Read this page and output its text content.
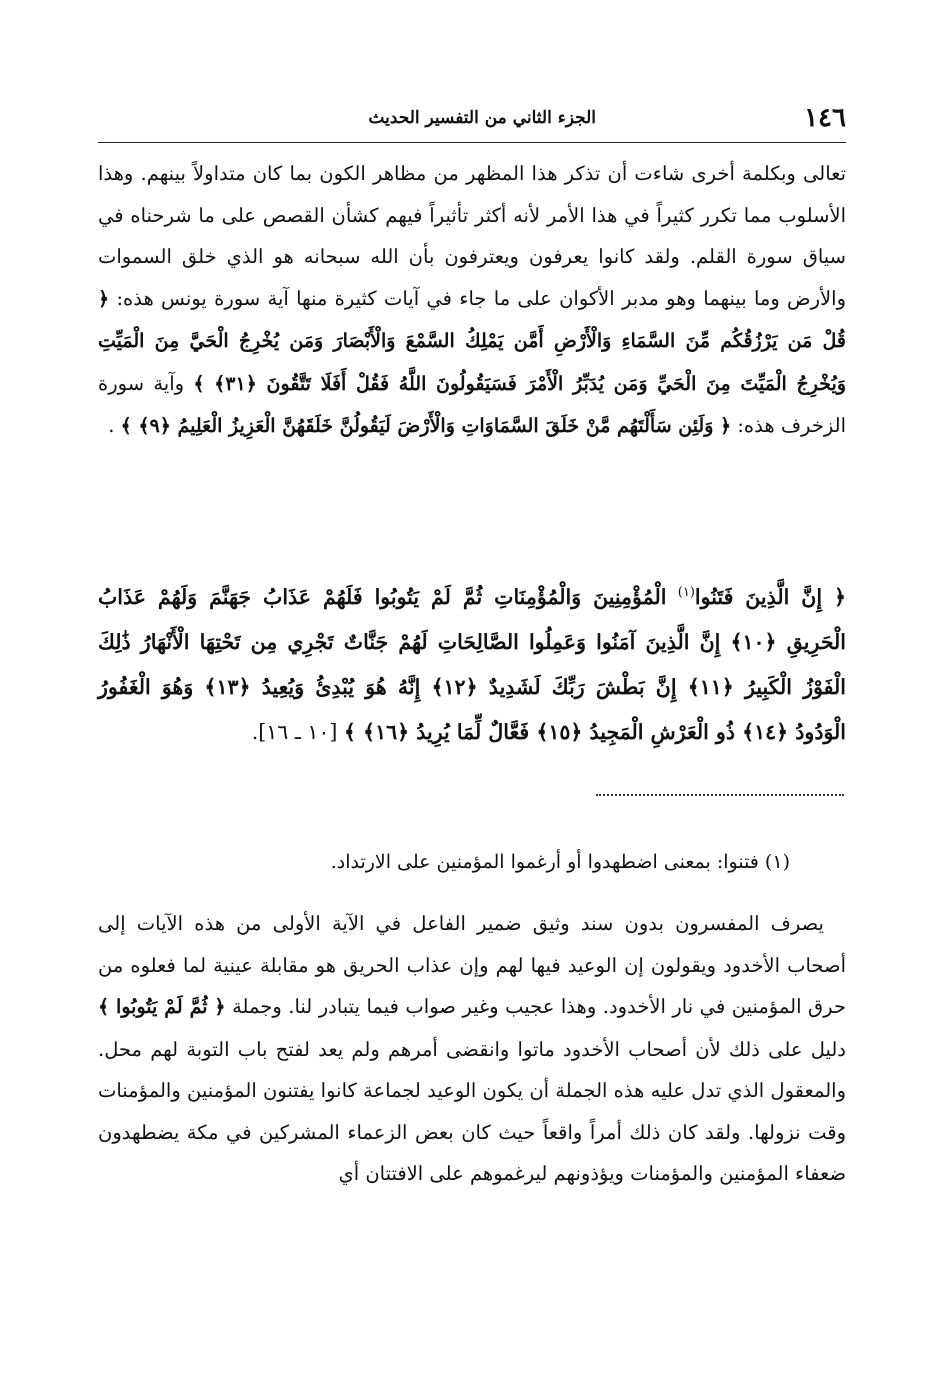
١٤٦
الجزء الثاني من التفسير الحديث

تعالى وبكلمة أخرى شاءت أن تذكر هذا المظهر من مظاهر الكون بما كان متداولاً بينهم. وهذا الأسلوب مما تكرر كثيراً في هذا الأمر لأنه أكثر تأثيراً فيهم كشأن القصص على ما شرحناه في سياق سورة القلم. ولقد كانوا يعرفون ويعترفون بأن الله سبحانه هو الذي خلق السموات والأرض وما بينهما وهو مدبر الأكوان على ما جاء في آيات كثيرة منها آية سورة يونس هذه: ﴿ قُلْ مَن يَرْزُقُكُم مِّنَ السَّمَاءِ وَالْأَرْضِ أَمَّن يَمْلِكُ السَّمْعَ وَالْأَبْصَارَ وَمَن يُخْرِجُ الْحَيَّ مِنَ الْمَيِّتِ وَيُخْرِجُ الْمَيِّتَ مِنَ الْحَيِّ وَمَن يُدَبِّرُ الْأَمْرَ فَسَيَقُولُونَ اللَّهُ فَقُلْ أَفَلَا تَتَّقُونَ ﴿٣١﴾ ﴾ وآية سورة الزخرف هذه: ﴿ وَلَئِن سَأَلْتَهُم مَّنْ خَلَقَ السَّمَاوَاتِ وَالْأَرْضَ لَيَقُولُنَّ خَلَقَهُنَّ الْعَزِيزُ الْعَلِيمُ ﴿٩﴾ ﴾ .

﴿ إِنَّ الَّذِينَ فَتَنُوا$^{(١)}$ الْمُؤْمِنِينَ وَالْمُؤْمِنَاتِ ثُمَّ لَمْ يَتُوبُوا فَلَهُمْ عَذَابُ جَهَنَّمَ وَلَهُمْ عَذَابُ الْحَرِيقِ ﴿١٠﴾ إِنَّ الَّذِينَ آمَنُوا وَعَمِلُوا الصَّالِحَاتِ لَهُمْ جَنَّاتٌ تَجْرِي مِن تَحْتِهَا الْأَنْهَارُ ذَٰلِكَ الْفَوْزُ الْكَبِيرُ ﴿١١﴾ إِنَّ بَطْشَ رَبِّكَ لَشَدِيدٌ ﴿١٢﴾ إِنَّهُ هُوَ يُبْدِئُ وَيُعِيدُ ﴿١٣﴾ وَهُوَ الْغَفُورُ الْوَدُودُ ﴿١٤﴾ ذُو الْعَرْشِ الْمَجِيدُ ﴿١٥﴾ فَعَّالٌ لِّمَا يُرِيدُ ﴿١٦﴾ ﴾ [١٠ ـ ١٦].

(١) فتنوا: بمعنى اضطهدوا أو أرغموا المؤمنين على الارتداد.

يصرف المفسرون بدون سند وثيق ضمير الفاعل في الآية الأولى من هذه الآيات إلى أصحاب الأخدود ويقولون إن الوعيد فيها لهم وإن عذاب الحريق هو مقابلة عينية لما فعلوه من حرق المؤمنين في نار الأخدود. وهذا عجيب وغير صواب فيما يتبادر لنا. وجملة ﴿ ثُمَّ لَمْ يَتُوبُوا ﴾ دليل على ذلك لأن أصحاب الأخدود ماتوا وانقضى أمرهم ولم يعد لفتح باب التوبة لهم محل. والمعقول الذي تدل عليه هذه الجملة أن يكون الوعيد لجماعة كانوا يفتنون المؤمنين والمؤمنات وقت نزولها. ولقد كان ذلك أمراً واقعاً حيث كان بعض الزعماء المشركين في مكة يضطهدون ضعفاء المؤمنين والمؤمنات ويؤذونهم ليرغموهم على الافتتان أي
